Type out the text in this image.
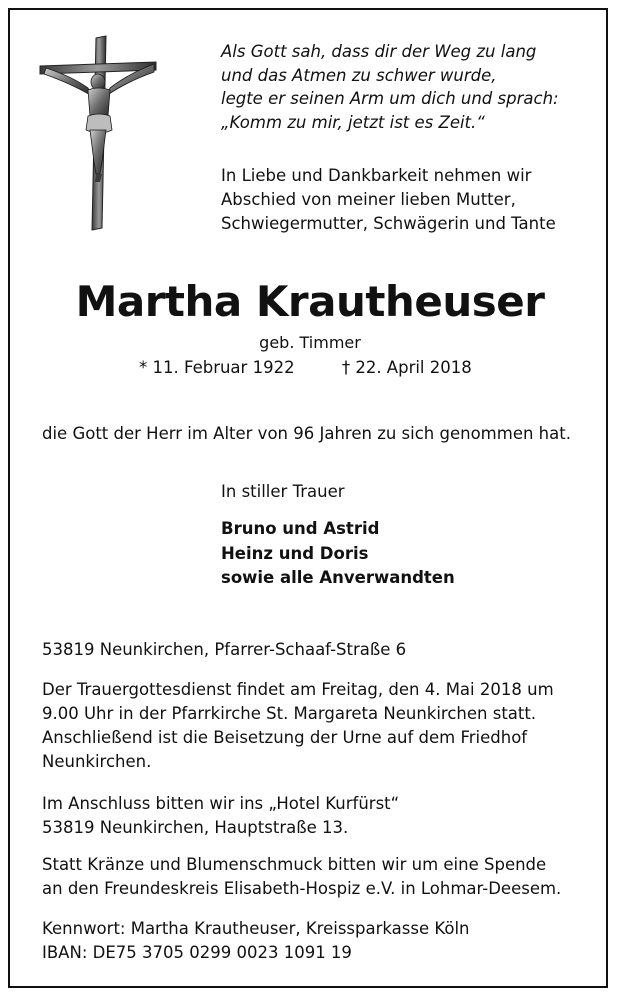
Als Gott sah, dass dir der Weg zu lang
und das Atmen zu schwer wurde,
legte er seinen Arm um dich und sprach:
„Komm zu mir, jetzt ist es Zeit.“
In Liebe und Dankbarkeit nehmen wir
Abschied von meiner lieben Mutter,
Schwiegermutter, Schwägerin und Tante
Martha Krautheuser
geb. Timmer
* 11. Februar 1922	† 22. April 2018
die Gott der Herr im Alter von 96 Jahren zu sich genommen hat.
In stiller Trauer
Bruno und Astrid
Heinz und Doris
sowie alle Anverwandten
53819 Neunkirchen, Pfarrer-Schaaf-Straße 6
Der Trauergottesdienst findet am Freitag, den 4. Mai 2018 um
9.00 Uhr in der Pfarrkirche St. Margareta Neunkirchen statt.
Anschließend ist die Beisetzung der Urne auf dem Friedhof
Neunkirchen.
Im Anschluss bitten wir ins „Hotel Kurfürst“
53819 Neunkirchen, Hauptstraße 13.
Statt Kränze und Blumenschmuck bitten wir um eine Spende
an den Freundeskreis Elisabeth-Hospiz e.V. in Lohmar-Deesem.
Kennwort: Martha Krautheuser, Kreissparkasse Köln
IBAN: DE75 3705 0299 0023 1091 19
